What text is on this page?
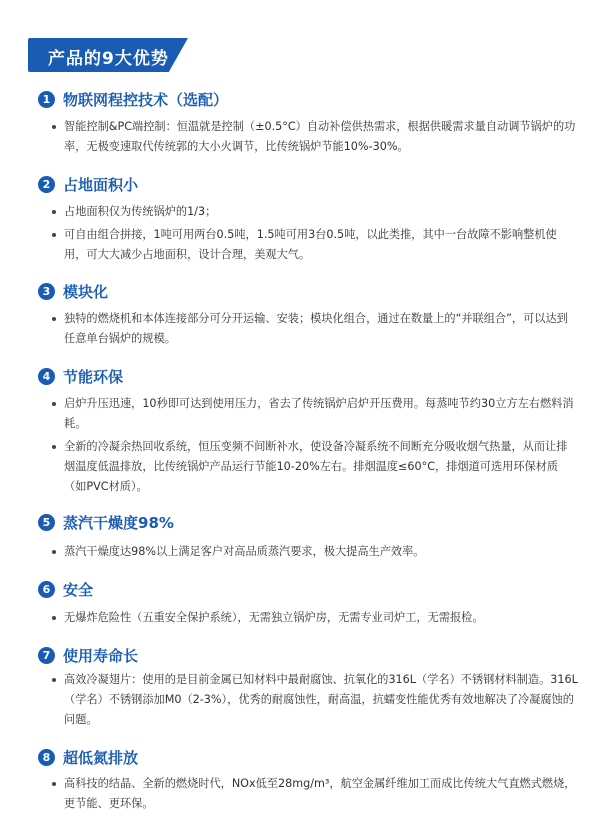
产品的9大优势
1 物联网程控技术（选配）
智能控制&PC端控制：恒温就是控制（±0.5°C）自动补偿供热需求，根据供暖需求量自动调节锅炉的功率，无极变速取代传统郭的大小火调节，比传统锅炉节能10%-30%。
2 占地面积小
占地面积仅为传统锅炉的1/3；
可自由组合拼接，1吨可用两台0.5吨，1.5吨可用3台0.5吨，以此类推，其中一台故障不影响整机使用，可大大减少占地面积，设计合理，美观大气。
3 模块化
独特的燃烧机和本体连接部分可分开运输、安装；模块化组合，通过在数量上的“并联组合”，可以达到任意单台锅炉的规模。
4 节能环保
启炉升压迅速，10秒即可达到使用压力，省去了传统锅炉启炉开压费用。每蒸吨节约30立方左右燃料消耗。
全新的冷凝余热回收系统，恒压变频不间断补水，使设备冷凝系统不间断充分吸收烟气热量，从而让排烟温度低温排放，比传统锅炉产品运行节能10-20%左右。排烟温度≤60°C，排烟道可选用环保材质（如PVC材质）。
5 蒸汽干燥度98%
蒸汽干燥度达98%以上满足客户对高品质蒸汽要求，极大提高生产效率。
6 安全
无爆炸危险性（五重安全保护系统），无需独立锅炉房，无需专业司炉工，无需报检。
7 使用寿命长
高效冷凝翅片：使用的是目前金属已知材料中最耐腐蚀、抗氧化的316L（学名）不锈钢材料制造。316L（学名）不锈钢添加M0（2-3%），优秀的耐腐蚀性，耐高温，抗蠕变性能优秀有效地解决了冷凝腐蚀的问题。
8 超低氮排放
高科技的结晶、全新的燃烧时代，NOx低至28mg/m³，航空金属纤维加工而成比传统大气直燃式燃烧，更节能、更环保。
